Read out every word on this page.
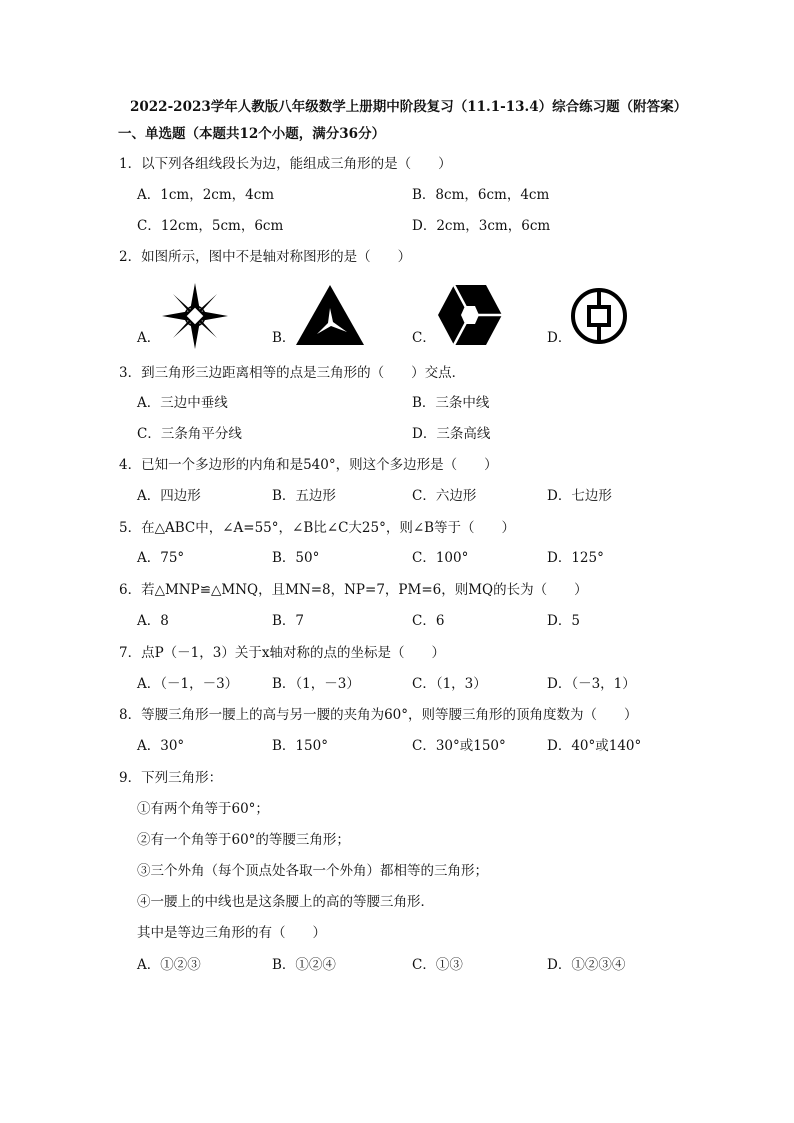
2022-2023学年人教版八年级数学上册期中阶段复习（11.1-13.4）综合练习题（附答案）
一、单选题（本题共12个小题，满分36分）
1．以下列各组线段长为边，能组成三角形的是（　　）
A．1cm，2cm，4cm	B．8cm，6cm，4cm
C．12cm，5cm，6cm	D．2cm，3cm，6cm
2．如图所示，图中不是轴对称图形的是（　　）
A．	B．	C．	D．
3．到三角形三边距离相等的点是三角形的（　　）交点．
A．三边中垂线	B．三条中线
C．三条角平分线	D．三条高线
4．已知一个多边形的内角和是540°，则这个多边形是（　　）
A．四边形	B．五边形	C．六边形	D．七边形
5．在△ABC中，∠A=55°，∠B比∠C大25°，则∠B等于（　　）
A．75°	B．50°	C．100°	D．125°
6．若△MNP≌△MNQ，且MN=8，NP=7，PM=6，则MQ的长为（　　）
A．8	B．7	C．6	D．5
7．点P（－1，3）关于x轴对称的点的坐标是（　　）
A．（－1，－3）	B．（1，－3）	C．（1，3）	D．（－3，1）
8．等腰三角形一腰上的高与另一腰的夹角为60°，则等腰三角形的顶角度数为（　　）
A．30°	B．150°	C．30°或150°	D．40°或140°
9．下列三角形：
①有两个角等于60°；
②有一个角等于60°的等腰三角形；
③三个外角（每个顶点处各取一个外角）都相等的三角形；
④一腰上的中线也是这条腰上的高的等腰三角形．
其中是等边三角形的有（　　）
A．①②③	B．①②④	C．①③	D．①②③④
